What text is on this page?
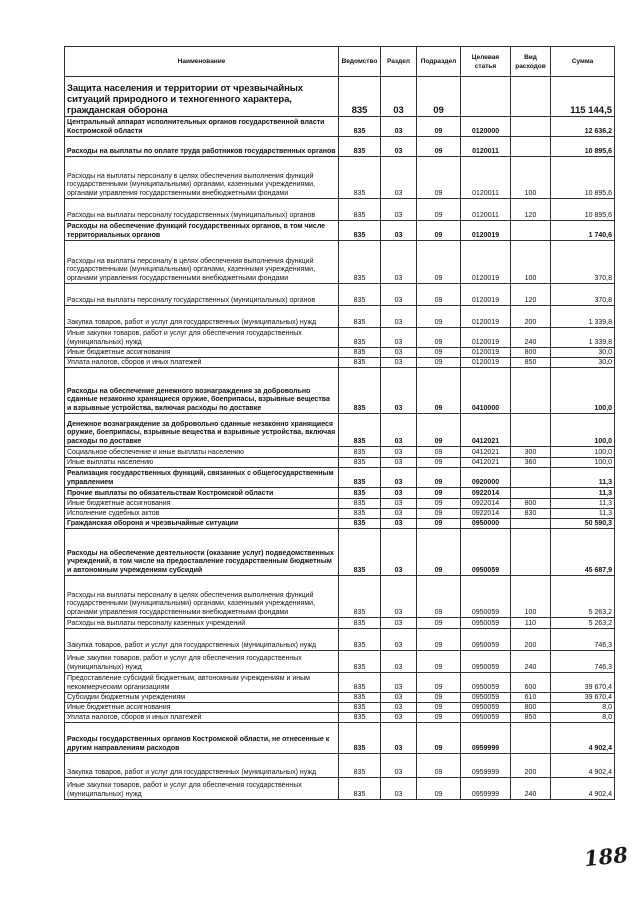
Наименование	Ведомство	Раздел	Подраздел	Целевая статья	Вид расходов	Сумма
Защита населения и территории от чрезвычайных ситуаций природного и техногенного характера, гражданская оборона	835	03	09			115 144,5
Центральный аппарат исполнительных органов государственной власти Костромской области	835	03	09	0120000		12 636,2
Расходы на выплаты по оплате труда работников государственных органов	835	03	09	0120011		10 895,6
Расходы на выплаты персоналу в целях обеспечения выполнения функций государственными (муниципальными) органами, казенными учреждениями, органами управления государственными внебюджетными фондами	835	03	09	0120011	100	10 895,6
Расходы на выплаты персоналу государственных (муниципальных) органов	835	03	09	0120011	120	10 895,6
Расходы на обеспечение функций государственных органов, в том числе территориальных органов	835	03	09	0120019		1 740,6
Расходы на выплаты персоналу в целях обеспечения выполнения функций государственными (муниципальными) органами, казенными учреждениями, органами управления государственными внебюджетными фондами	835	03	09	0120019	100	370,8
Расходы на выплаты персоналу государственных (муниципальных) органов	835	03	09	0120019	120	370,8
Закупка товаров, работ и услуг для государственных (муниципальных) нужд	835	03	09	0120019	200	1 339,8
Иные закупки товаров, работ и услуг для обеспечения государственных (муниципальных) нужд	835	03	09	0120019	240	1 339,8
Иные бюджетные ассигнования	835	03	09	0120019	800	30,0
Уплата налогов, сборов и иных платежей	835	03	09	0120019	850	30,0
Расходы на обеспечение денежного вознаграждения за добровольно сданные незаконно хранящиеся оружие, боеприпасы, взрывные вещества и взрывные устройства, включая расходы по доставке	835	03	09	0410000		100,0
Денежное вознаграждение за добровольно сданные незаконно хранящиеся оружие, боеприпасы, взрывные вещества и взрывные устройства, включая расходы по доставке	835	03	09	0412021		100,0
Социальное обеспечение и иные выплаты населению	835	03	09	0412021	300	100,0
Иные выплаты населению	835	03	09	0412021	360	100,0
Реализация государственных функций, связанных с общегосударственным управлением	835	03	09	0920000		11,3
Прочие выплаты по обязательствам Костромской области	835	03	09	0922014		11,3
Иные бюджетные ассигнования	835	03	09	0922014	800	11,3
Исполнение судебных актов	835	03	09	0922014	830	11,3
Гражданская оборона и чрезвычайные ситуации	835	03	09	0950000		50 590,3
Расходы на обеспечение деятельности (оказание услуг) подведомственных учреждений, в том числе на предоставление государственным бюджетным и автономным учреждениям субсидий	835	03	09	0950059		45 687,9
Расходы на выплаты персоналу в целях обеспечения выполнения функций государственными (муниципальными) органами, казенными учреждениями, органами управления государственными внебюджетными фондами	835	03	09	0950059	100	5 263,2
Расходы на выплаты персоналу казенных учреждений	835	03	09	0950059	110	5 263,2
Закупка товаров, работ и услуг для государственных (муниципальных) нужд	835	03	09	0950059	200	746,3
Иные закупки товаров, работ и услуг для обеспечения государственных (муниципальных) нужд	835	03	09	0950059	240	746,3
Предоставление субсидий бюджетным, автономным учреждениям и иным некоммерческим организациям	835	03	09	0950059	600	39 670,4
Субсидии бюджетным учреждениям	835	03	09	0950059	610	39 670,4
Иные бюджетные ассигнования	835	03	09	0950059	800	8,0
Уплата налогов, сборов и иных платежей	835	03	09	0950059	850	8,0
Расходы государственных органов Костромской области, не отнесенные к другим направлениям расходов	835	03	09	0959999		4 902,4
Закупка товаров, работ и услуг для государственных (муниципальных) нужд	835	03	09	0959999	200	4 902,4
Иные закупки товаров, работ и услуг для обеспечения государственных (муниципальных) нужд	835	03	09	0959999	240	4 902,4
188
